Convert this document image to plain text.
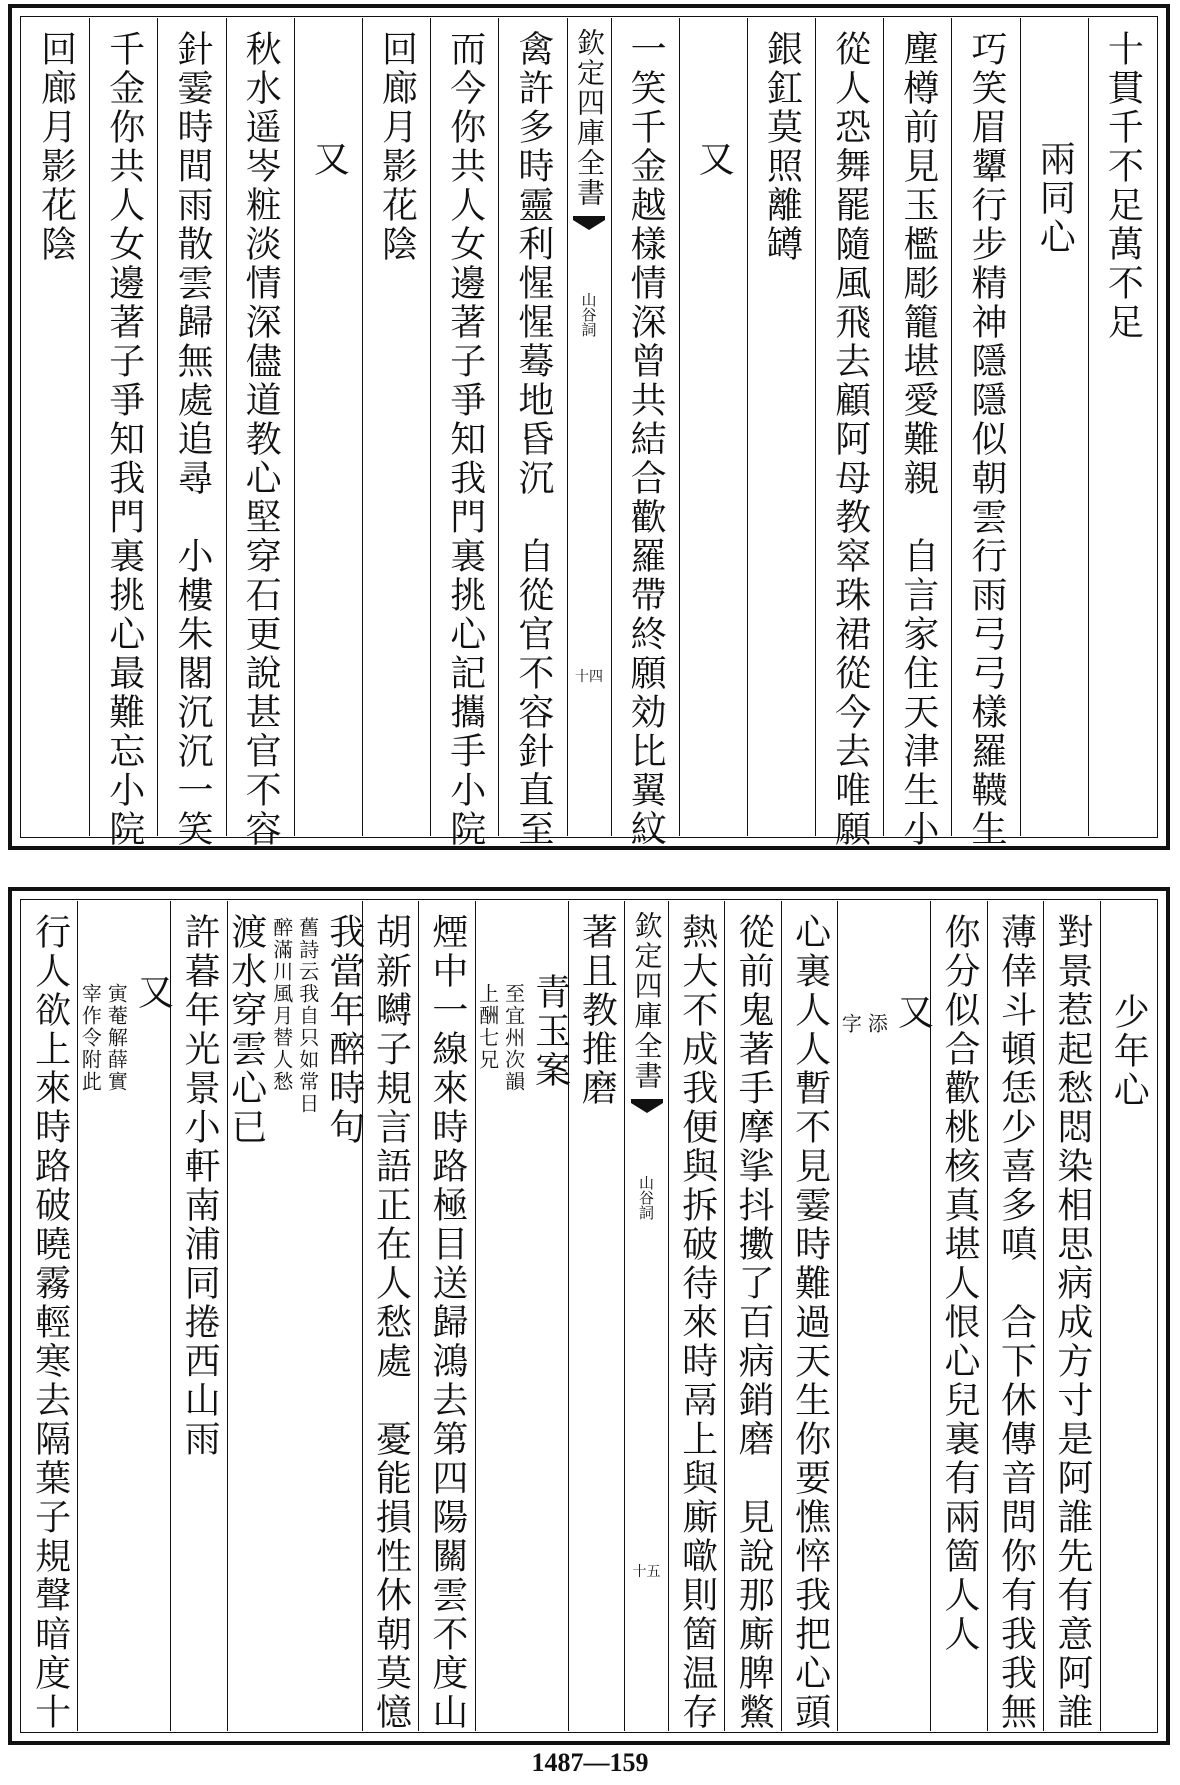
十貫千不足萬不足
兩同心
巧笑眉顰行步精神隱隱似朝雲行雨弓弓樣羅韈生
塵樽前見玉檻彫籠堪愛難親　自言家住天津生小
從人恐舞罷隨風飛去顧阿母教窣珠裙從今去唯願
銀釭莫照離罇
又
一笑千金越樣情深曾共結合歡羅帶終願効比翼紋
欽定四庫全書
山谷詞
十四
禽許多時靈利惺惺蓦地昏沉　自從官不容針直至
而今你共人女邊著子爭知我門裏挑心記攜手小院
回廊月影花陰
又
秋水遥岑粧淡情深儘道教心堅穿石更說甚官不容
針霎時間雨散雲歸無處追尋　小樓朱閣沉沉一笑
千金你共人女邊著子爭知我門裏挑心最難忘小院
回廊月影花陰
少年心
對景惹起愁悶染相思病成方寸是阿誰先有意阿誰
薄倖斗頓恁少喜多嗔　合下休傳音問你有我我無
你分似合歡桃核真堪人恨心兒裏有兩箇人人
又
添
字
心裏人人暫不見霎時難過天生你要憔悴我把心頭
從前鬼著手摩挲抖擻了百病銷磨　見說那廝脾鱉
熱大不成我便與拆破待來時鬲上與廝噷則箇温存
欽定四庫全書
山谷詞
十五
著且教推磨
青玉案
至宜州次韻
上酬七兄
煙中一線來時路極目送歸鴻去第四陽關雲不度山
胡新嚩子規言語正在人愁處　憂能損性休朝莫憶
我當年醉時句
舊詩云我自只如常日
醉滿川風月替人愁
渡水穿雲心已
許暮年光景小軒南浦同捲西山雨
又
寅菴解薛實
宰作令附此
行人欲上來時路破曉霧輕寒去隔葉子規聲暗度十
1487—159
